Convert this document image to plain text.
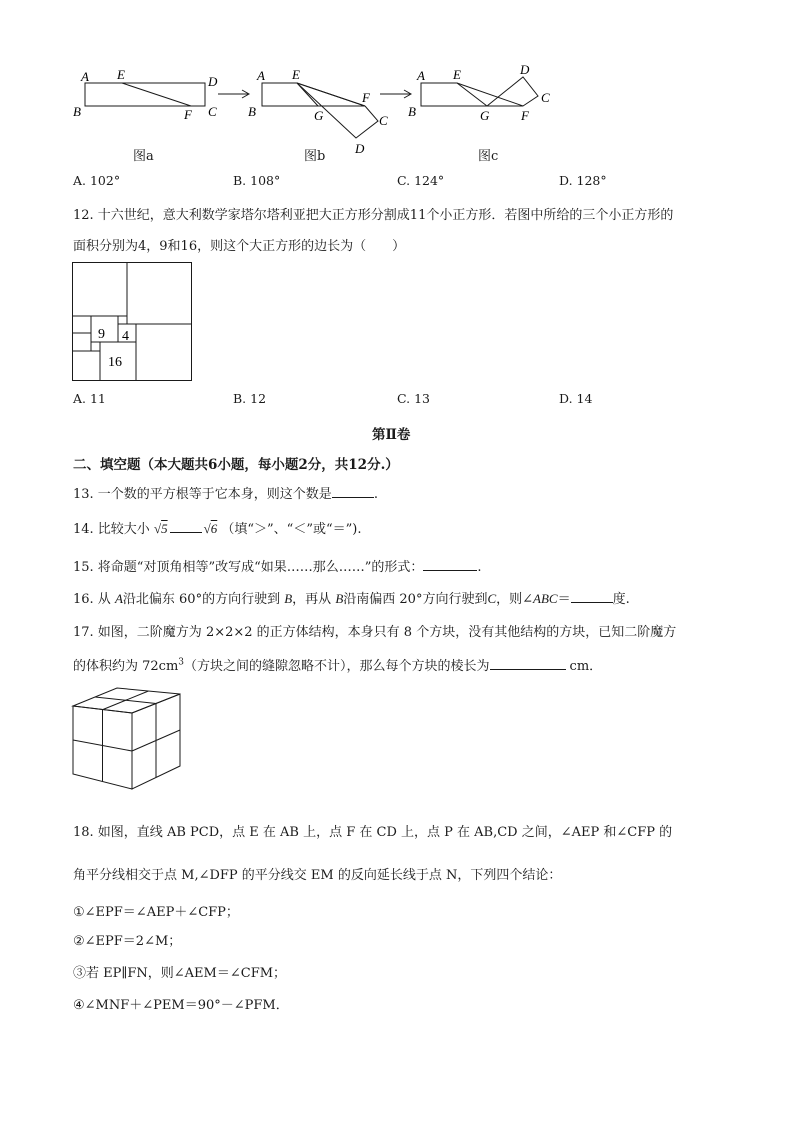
A E	D
B	F C
A E
F
B	G	C
D
A E	D
C
B	G F
图a	图b	图c
A. 102°	B. 108°	C. 124°	D. 128°
12. 十六世纪，意大利数学家塔尔塔利亚把大正方形分割成11个小正方形．若图中所给的三个小正方形的
面积分别为4，9和16，则这个大正方形的边长为（　　）
9 4
16
A. 11	B. 12	C. 13	D. 14
第Ⅱ卷
二、填空题（本大题共6小题，每小题2分，共12分.）
13. 一个数的平方根等于它本身，则这个数是	.
14. 比较大小 √5	√6 （填“＞”、“＜”或“＝”).
15. 将命题“对顶角相等”改写成“如果……那么……”的形式：	.
16. 从 A沿北偏东 60°的方向行驶到 B，再从 B沿南偏西 20°方向行驶到C，则∠ABC＝	度.
17. 如图，二阶魔方为 2×2×2 的正方体结构，本身只有 8 个方块，没有其他结构的方块，已知二阶魔方
的体积约为 $72cm^3$（方块之间的缝隙忽略不计），那么每个方块的棱长为	cm．
18. 如图，直线 AB PCD，点 E 在 AB 上，点 F 在 CD 上，点 P 在 AB,CD 之间，∠AEP 和∠CFP 的
角平分线相交于点 M,∠DFP 的平分线交 EM 的反向延长线于点 N，下列四个结论：
①∠EPF＝∠AEP＋∠CFP；
②∠EPF＝2∠M；
③若 EP∥FN，则∠AEM＝∠CFM；
④∠MNF＋∠PEM＝90°－∠PFM．
